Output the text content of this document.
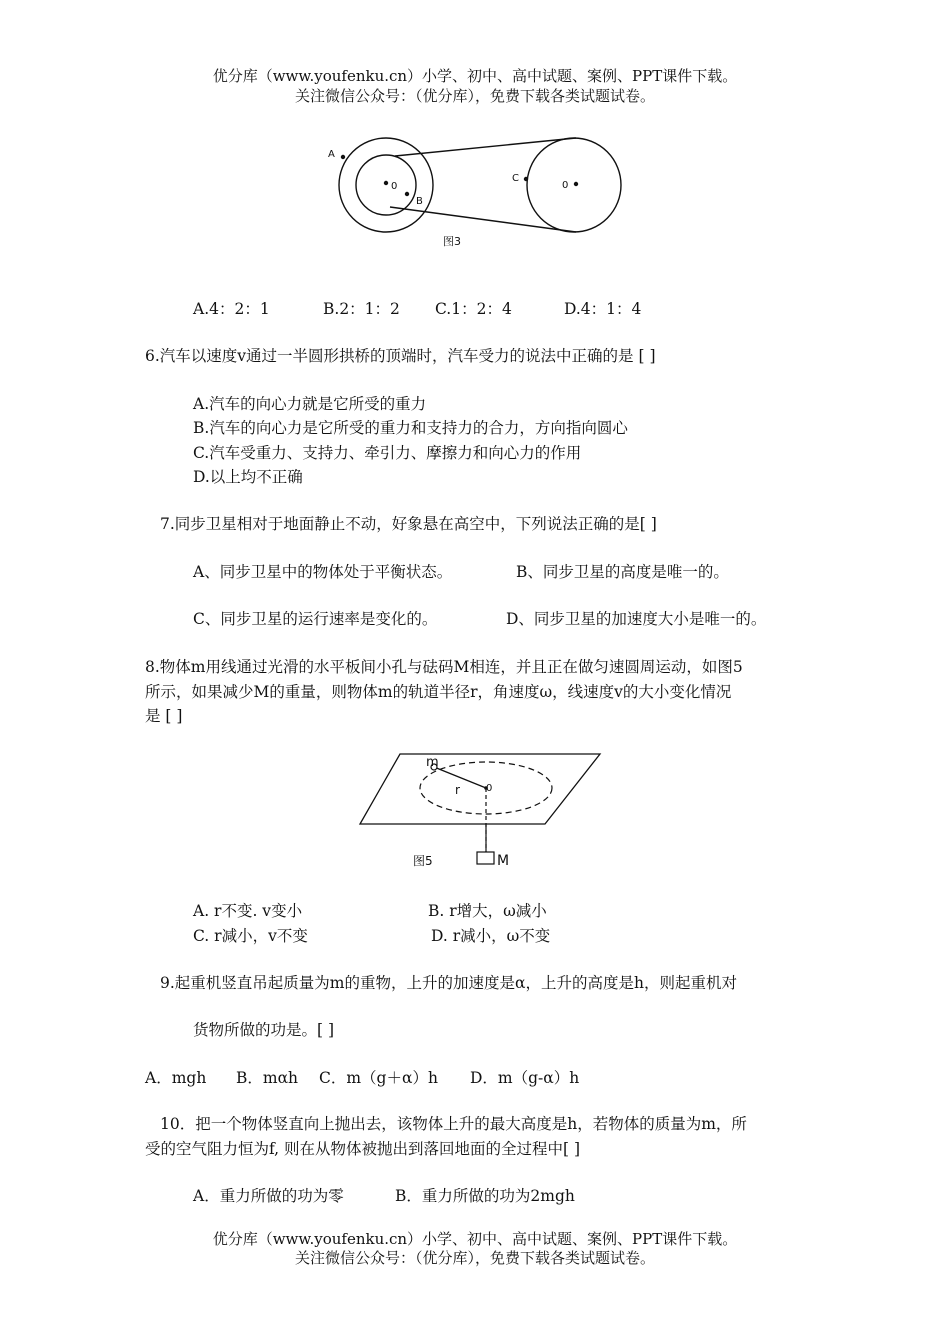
优分库（www.youfenku.cn）小学、初中、高中试题、案例、PPT课件下载。
关注微信公众号：（优分库），免费下载各类试题试卷。
A
0
B
C
0
图3
A.4：2：1	B.2：1：2 C.1：2：4	D.4：1：4
6.汽车以速度v通过一半圆形拱桥的顶端时，汽车受力的说法中正确的是 [ ]
A.汽车的向心力就是它所受的重力
B.汽车的向心力是它所受的重力和支持力的合力，方向指向圆心
C.汽车受重力、支持力、牵引力、摩擦力和向心力的作用
D.以上均不正确
7.同步卫星相对于地面静止不动，好象悬在高空中，下列说法正确的是[ ]
A、同步卫星中的物体处于平衡状态。	B、同步卫星的高度是唯一的。
C、同步卫星的运行速率是变化的。	D、同步卫星的加速度大小是唯一的。
8.物体m用线通过光滑的水平板间小孔与砝码M相连，并且正在做匀速圆周运动，如图5
所示，如果减少M的重量，则物体m的轨道半径r，角速度ω，线速度v的大小变化情况
是 [ ]
m
r	0
M
图5
A. r不变. v变小	B. r增大，ω减小
C. r减小，v不变	D. r减小，ω不变
9.起重机竖直吊起质量为m的重物，上升的加速度是α，上升的高度是h，则起重机对
货物所做的功是。[ ]
A．mgh B．mαh C．m（g＋α）h D．m（g-α）h
10．把一个物体竖直向上抛出去，该物体上升的最大高度是h，若物体的质量为m，所
受的空气阻力恒为f, 则在从物体被抛出到落回地面的全过程中[ ]
A．重力所做的功为零	B．重力所做的功为2mgh
优分库（www.youfenku.cn）小学、初中、高中试题、案例、PPT课件下载。
关注微信公众号：（优分库），免费下载各类试题试卷。
